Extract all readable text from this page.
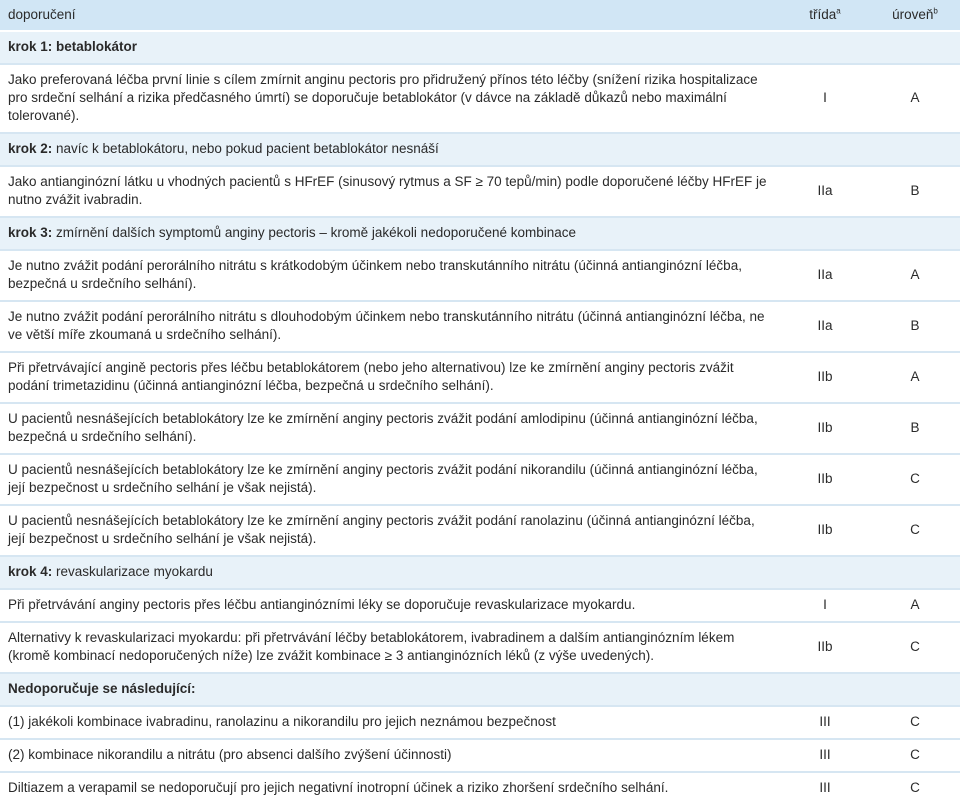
doporučení	třída$^a$	úroveň$^b$
krok 1: betablokátor		
Jako preferovaná léčba první linie s cílem zmírnit anginu pectoris pro přidružený přínos této léčby (snížení rizika hospitalizace pro srdeční selhání a rizika předčasného úmrtí) se doporučuje betablokátor (v dávce na základě důkazů nebo maximální tolerované).	I	A
krok 2: navíc k betablokátoru, nebo pokud pacient betablokátor nesnáší		
Jako antianginózní látku u vhodných pacientů s HFrEF (sinusový rytmus a SF ≥ 70 tepů/min) podle doporučené léčby HFrEF je nutno zvážit ivabradin.	IIa	B
krok 3: zmírnění dalších symptomů anginy pectoris – kromě jakékoli nedoporučené kombinace		
Je nutno zvážit podání perorálního nitrátu s krátkodobým účinkem nebo transkutánního nitrátu (účinná antianginózní léčba, bezpečná u srdečního selhání).	IIa	A
Je nutno zvážit podání perorálního nitrátu s dlouhodobým účinkem nebo transkutánního nitrátu (účinná antianginózní léčba, ne ve větší míře zkoumaná u srdečního selhání).	IIa	B
Při přetrvávající angině pectoris přes léčbu betablokátorem (nebo jeho alternativou) lze ke zmírnění anginy pectoris zvážit podání trimetazidinu (účinná antianginózní léčba, bezpečná u srdečního selhání).	IIb	A
U pacientů nesnášejících betablokátory lze ke zmírnění anginy pectoris zvážit podání amlodipinu (účinná antianginózní léčba, bezpečná u srdečního selhání).	IIb	B
U pacientů nesnášejících betablokátory lze ke zmírnění anginy pectoris zvážit podání nikorandilu (účinná antianginózní léčba, její bezpečnost u srdečního selhání je však nejistá).	IIb	C
U pacientů nesnášejících betablokátory lze ke zmírnění anginy pectoris zvážit podání ranolazinu (účinná antianginózní léčba, její bezpečnost u srdečního selhání je však nejistá).	IIb	C
krok 4: revaskularizace myokardu		
Při přetrvávání anginy pectoris přes léčbu antianginózními léky se doporučuje revaskularizace myokardu.	I	A
Alternativy k revaskularizaci myokardu: při přetrvávání léčby betablokátorem, ivabradinem a dalším antianginózním lékem (kromě kombinací nedoporučených níže) lze zvážit kombinace ≥ 3 antianginózních léků (z výše uvedených).	IIb	C
Nedoporučuje se následující:		
(1) jakékoli kombinace ivabradinu, ranolazinu a nikorandilu pro jejich neznámou bezpečnost	III	C
(2) kombinace nikorandilu a nitrátu (pro absenci dalšího zvýšení účinnosti)	III	C
Diltiazem a verapamil se nedoporučují pro jejich negativní inotropní účinek a riziko zhoršení srdečního selhání.	III	C
